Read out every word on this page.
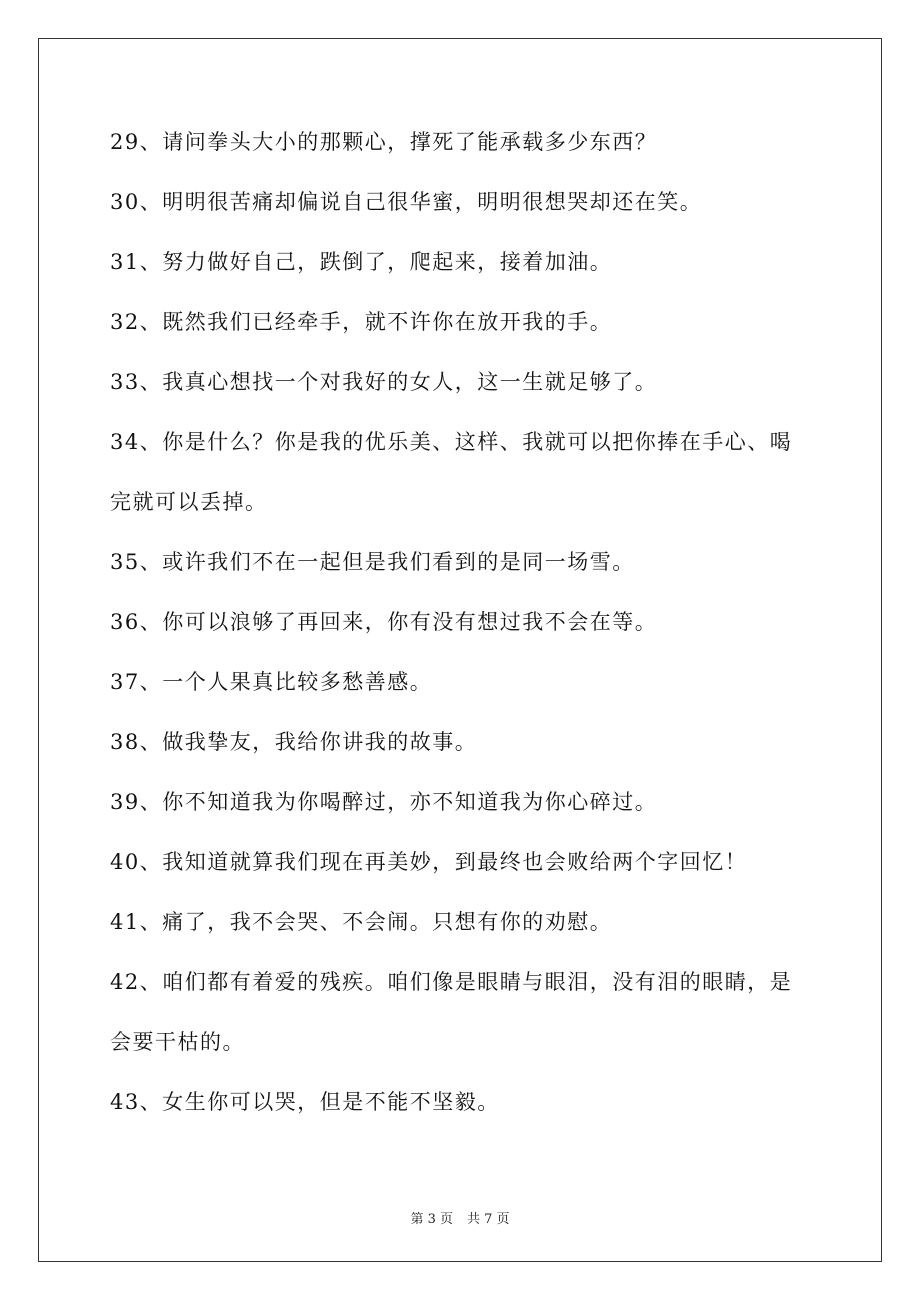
29、请问拳头大小的那颗心，撑死了能承载多少东西？
30、明明很苦痛却偏说自己很华蜜，明明很想哭却还在笑。
31、努力做好自己，跌倒了，爬起来，接着加油。
32、既然我们已经牵手，就不许你在放开我的手。
33、我真心想找一个对我好的女人，这一生就足够了。
34、你是什么？你是我的优乐美、这样、我就可以把你捧在手心、喝
完就可以丢掉。
35、或许我们不在一起但是我们看到的是同一场雪。
36、你可以浪够了再回来，你有没有想过我不会在等。
37、一个人果真比较多愁善感。
38、做我挚友，我给你讲我的故事。
39、你不知道我为你喝醉过，亦不知道我为你心碎过。
40、我知道就算我们现在再美妙，到最终也会败给两个字回忆！
41、痛了，我不会哭、不会闹。只想有你的劝慰。
42、咱们都有着爱的残疾。咱们像是眼睛与眼泪，没有泪的眼睛，是
会要干枯的。
43、女生你可以哭，但是不能不坚毅。
第 3 页 共 7 页
